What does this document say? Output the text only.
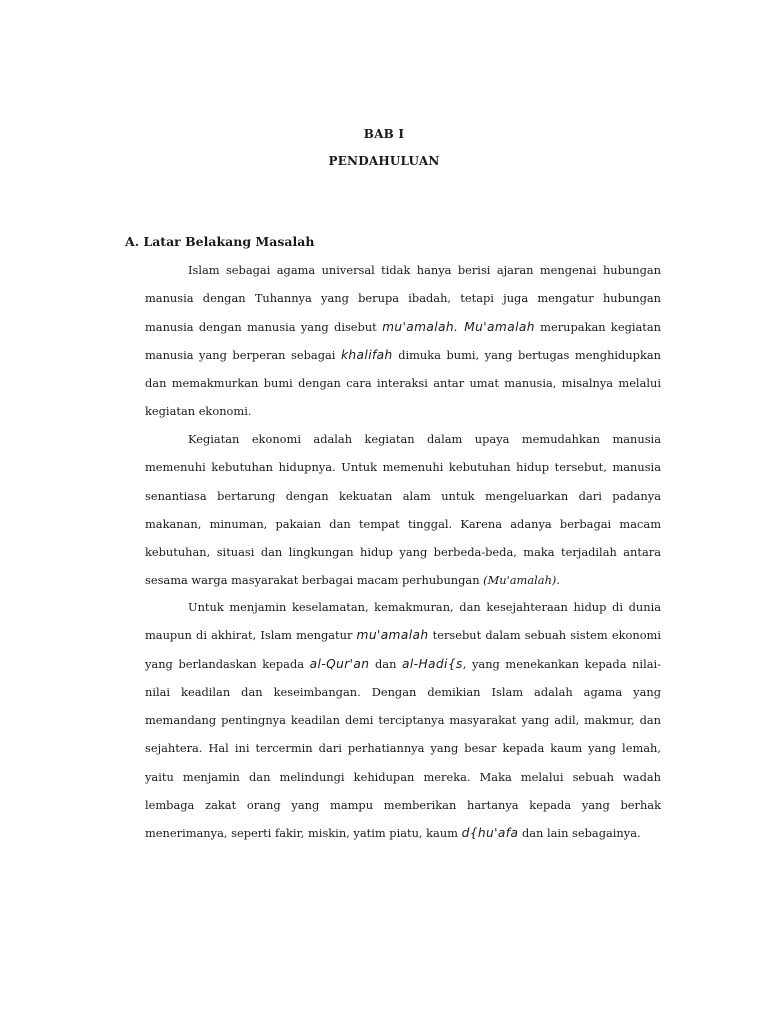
BAB I
PENDAHULUAN
A. Latar Belakang Masalah

Islam sebagai agama universal tidak hanya berisi ajaran mengenai hubungan manusia dengan Tuhannya yang berupa ibadah, tetapi juga mengatur hubungan manusia dengan manusia yang disebut mu'amalah. Mu'amalah merupakan kegiatan manusia yang berperan sebagai khalifah dimuka bumi, yang bertugas menghidupkan dan memakmurkan bumi dengan cara interaksi antar umat manusia, misalnya melalui kegiatan ekonomi.

Kegiatan ekonomi adalah kegiatan dalam upaya memudahkan manusia memenuhi kebutuhan hidupnya. Untuk memenuhi kebutuhan hidup tersebut, manusia senantiasa bertarung dengan kekuatan alam untuk mengeluarkan dari padanya makanan, minuman, pakaian dan tempat tinggal. Karena adanya berbagai macam kebutuhan, situasi dan lingkungan hidup yang berbeda-beda, maka terjadilah antara sesama warga masyarakat berbagai macam perhubungan (Mu'amalah).

Untuk menjamin keselamatan, kemakmuran, dan kesejahteraan hidup di dunia maupun di akhirat, Islam mengatur mu'amalah tersebut dalam sebuah sistem ekonomi yang berlandaskan kepada al-Qur'an dan al-Hadi{s, yang menekankan kepada nilai-nilai keadilan dan keseimbangan. Dengan demikian Islam adalah agama yang memandang pentingnya keadilan demi terciptanya masyarakat yang adil, makmur, dan sejahtera. Hal ini tercermin dari perhatiannya yang besar kepada kaum yang lemah, yaitu menjamin dan melindungi kehidupan mereka. Maka melalui sebuah wadah lembaga zakat orang yang mampu memberikan hartanya kepada yang berhak menerimanya, seperti fakir, miskin, yatim piatu, kaum d{hu'afa dan lain sebagainya.
